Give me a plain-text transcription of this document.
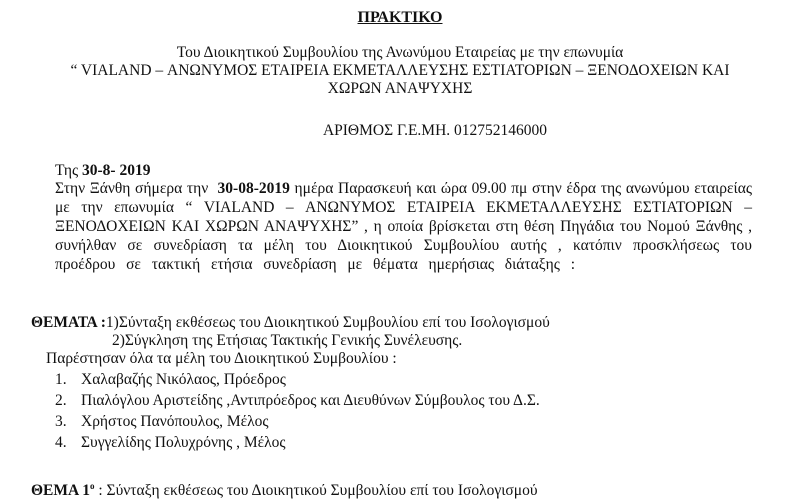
ΠΡΑΚΤΙΚΟ
Του Διοικητικού Συμβουλίου της Ανωνύμου Εταιρείας με την επωνυμία
“ VIALAND – ΑΝΩΝΥΜΟΣ ΕΤΑΙΡΕΙΑ ΕΚΜΕΤΑΛΛΕΥΣΗΣ ΕΣΤΙΑΤΟΡΙΩΝ – ΞΕΝΟΔΟΧΕΙΩΝ ΚΑΙ
ΧΩΡΩΝ ΑΝΑΨΥΧΗΣ
ΑΡΙΘΜΟΣ Γ.Ε.ΜΗ. 012752146000
Της 30-8- 2019
Στην Ξάνθη σήμερα την 30-08-2019 ημέρα Παρασκευή και ώρα 09.00 πμ στην έδρα της ανωνύμου εταιρείας
με την επωνυμία “ VIALAND – ΑΝΩΝΥΜΟΣ ΕΤΑΙΡΕΙΑ ΕΚΜΕΤΑΛΛΕΥΣΗΣ ΕΣΤΙΑΤΟΡΙΩΝ –
ΞΕΝΟΔΟΧΕΙΩΝ ΚΑΙ ΧΩΡΩΝ ΑΝΑΨΥΧΗΣ” , η οποία βρίσκεται στη θέση Πηγάδια του Νομού Ξάνθης ,
συνήλθαν σε συνεδρίαση τα μέλη του Διοικητικού Συμβουλίου αυτής , κατόπιν προσκλήσεως του
προέδρου σε τακτική ετήσια συνεδρίαση με θέματα ημερήσιας διάταξης :
ΘΕΜΑΤΑ :1)Σύνταξη εκθέσεως του Διοικητικού Συμβουλίου επί του Ισολογισμού
2)Σύγκληση της Ετήσιας Τακτικής Γενικής Συνέλευσης.
Παρέστησαν όλα τα μέλη του Διοικητικού Συμβουλίου :
1. Χαλαβαζής Νικόλαος, Πρόεδρος
2. Πιαλόγλου Αριστείδης ,Αντιπρόεδρος και Διευθύνων Σύμβουλος του Δ.Σ.
3. Χρήστος Πανόπουλος, Μέλος
4. Συγγελίδης Πολυχρόνης , Μέλος
ΘΕΜΑ $1^o$ : Σύνταξη εκθέσεως του Διοικητικού Συμβουλίου επί του Ισολογισμού
